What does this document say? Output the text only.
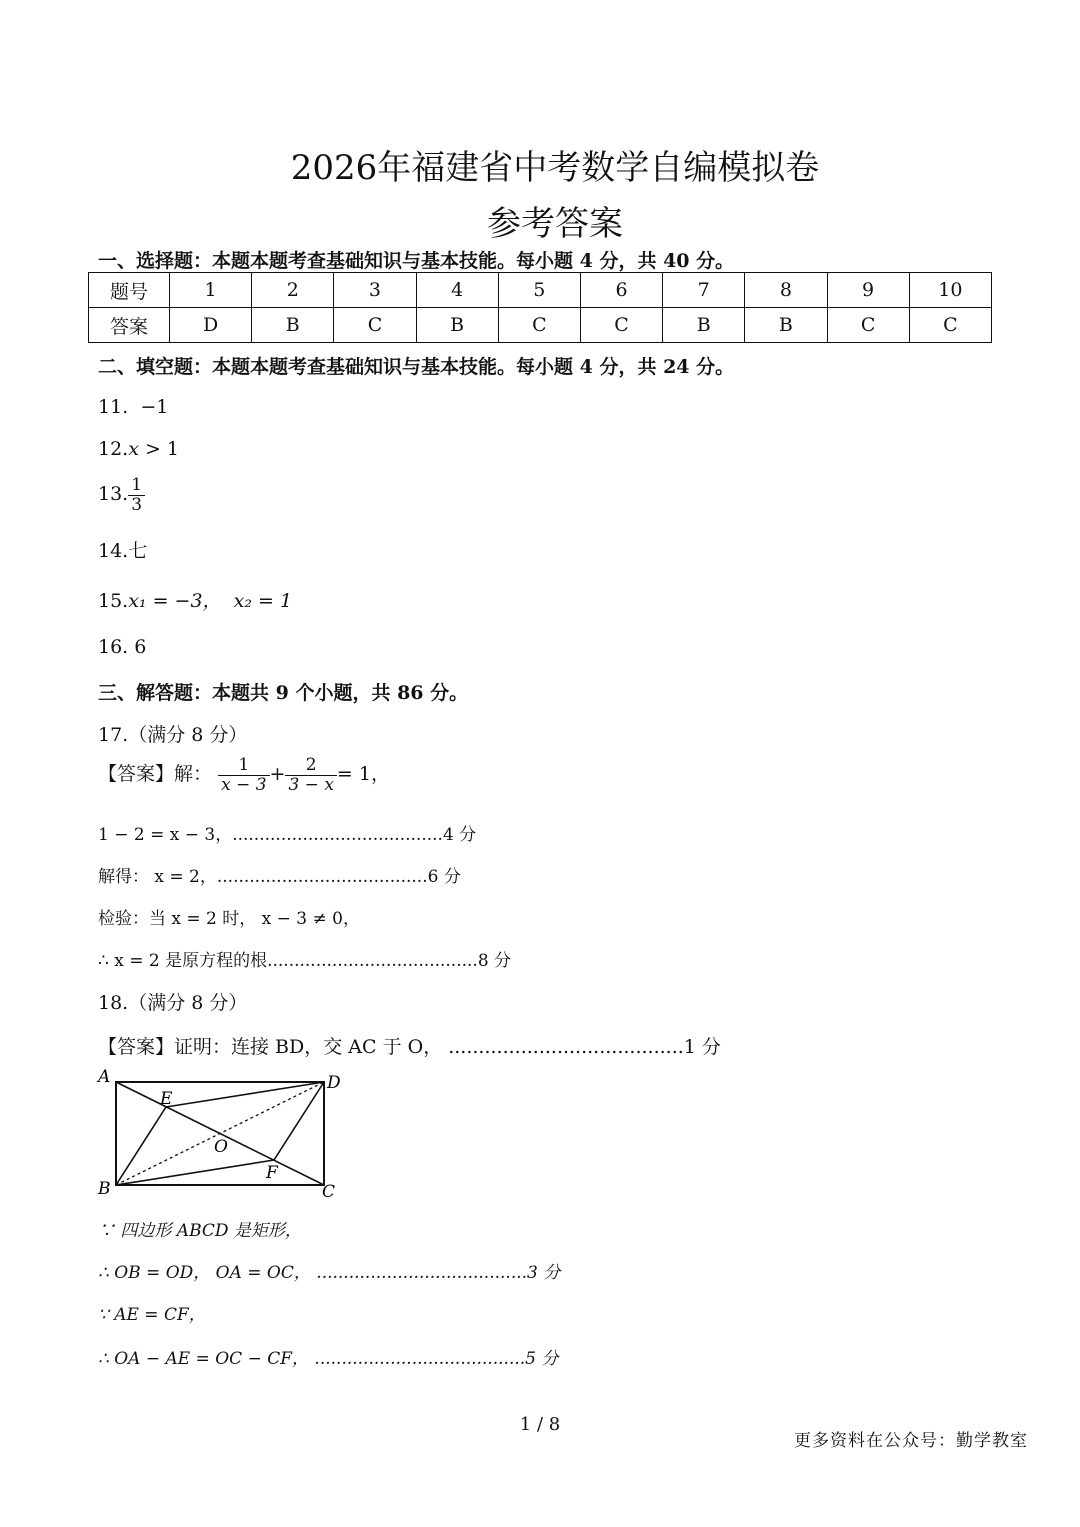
2026年福建省中考数学自编模拟卷
参考答案
一、选择题：本题本题考查基础知识与基本技能。每小题 4 分，共 40 分。
题号	1	2	3	4	5	6	7	8	9	10
答案	D	B	C	B	C	C	B	B	C	C
二、填空题：本题本题考查基础知识与基本技能。每小题 4 分，共 24 分。
11. −1
12.x > 1
13. $\frac{1}{3}$
14.七
15.x₁ = −3， x₂ = 1
16. 6
三、解答题：本题共 9 个小题，共 86 分。
17.（满分 8 分）
【答案】解： $\frac{1}{x - 3} + \frac{2}{3 - x} = 1$，
1 − 2 = x − 3，.......................................4 分
解得： x = 2，.......................................6 分
检验：当 x = 2 时， x − 3 ≠ 0，
∴ x = 2 是原方程的根.......................................8 分
18.（满分 8 分）
【答案】证明：连接 BD，交 AC 于 O， .......................................1 分
A
B	C
D
E
F
O
∵ 四边形 ABCD 是矩形，
∴ OB = OD， OA = OC， .......................................3 分
∵ AE = CF，
∴ OA − AE = OC − CF， .......................................5 分
1 / 8
更多资料在公众号：勤学教室
